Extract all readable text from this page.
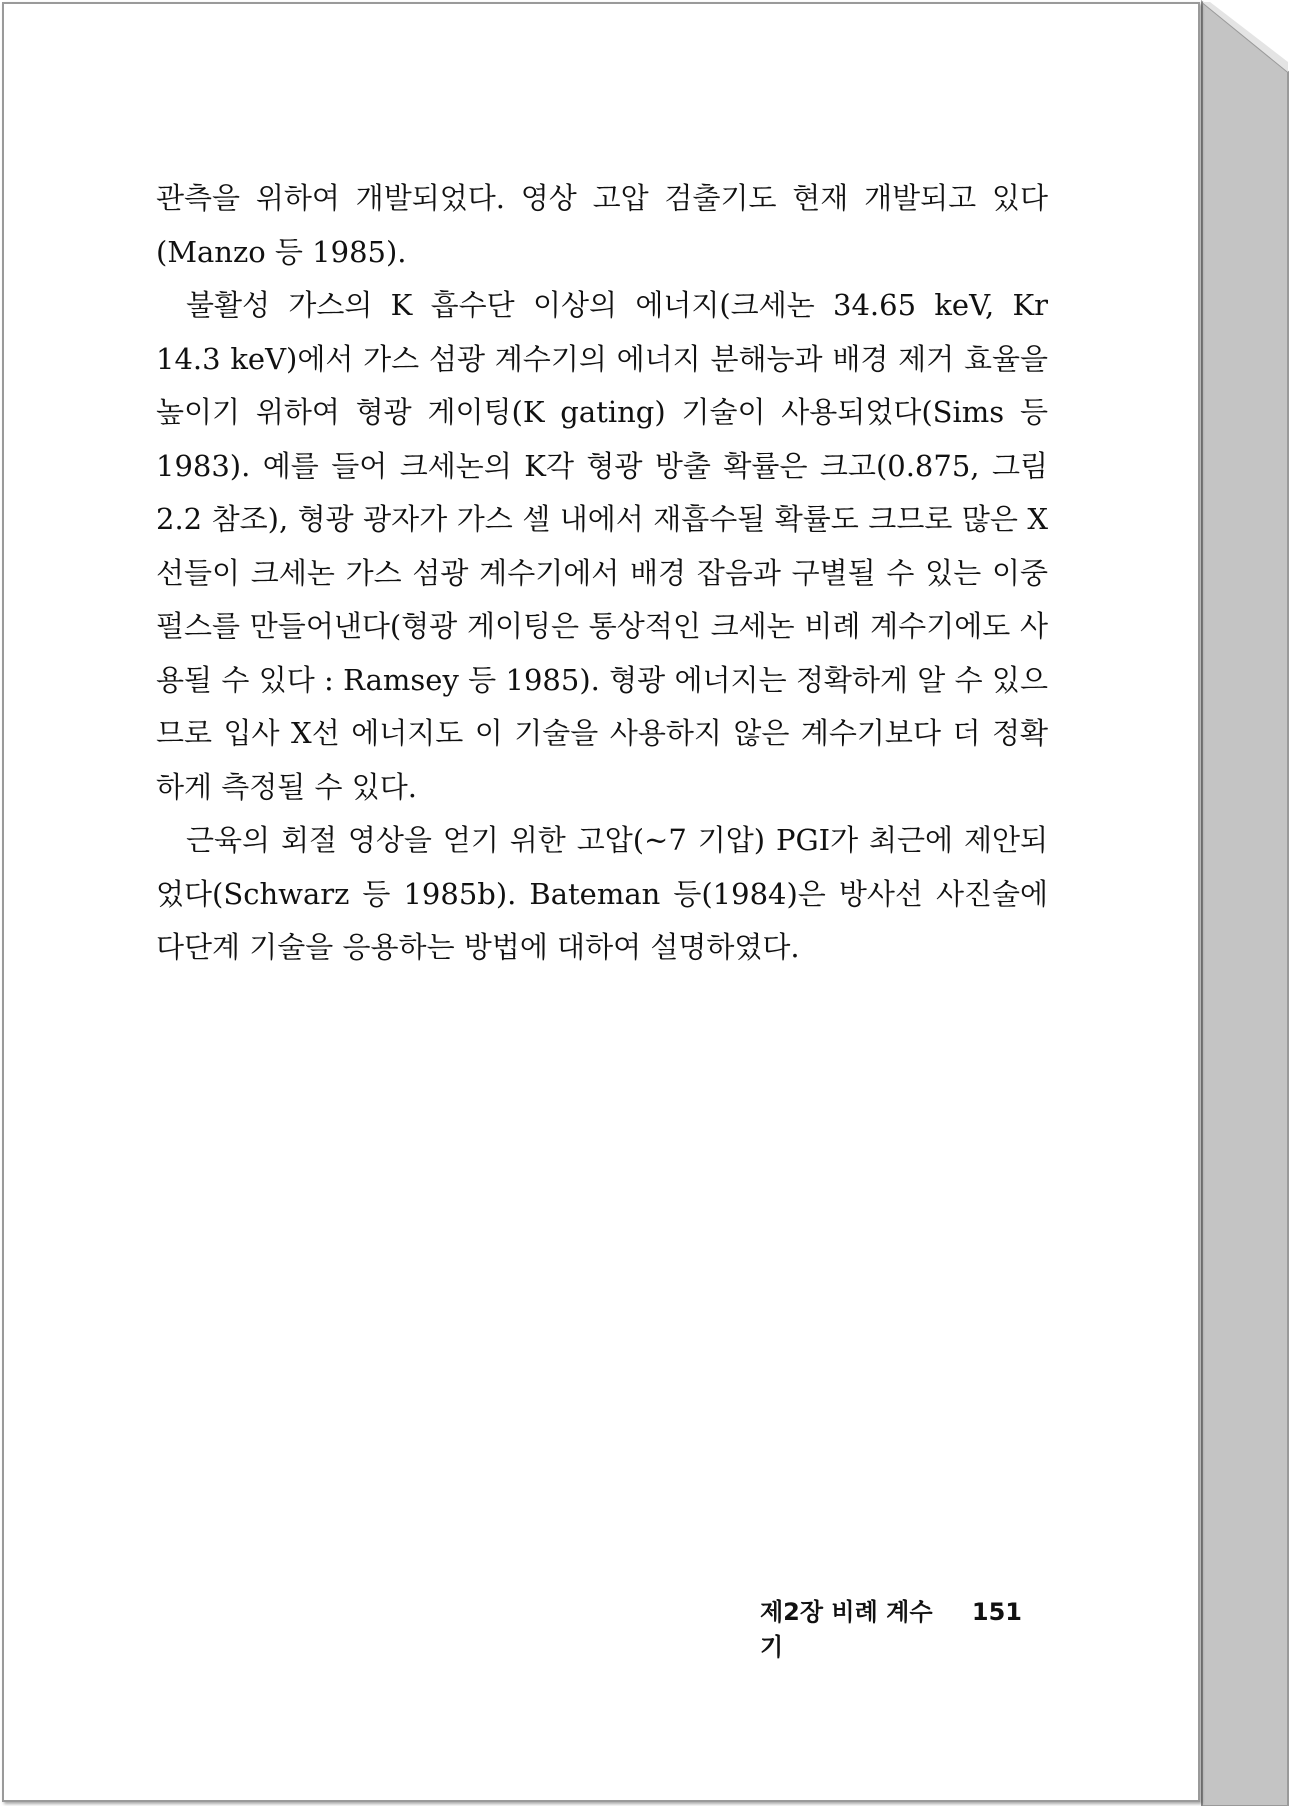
관측을 위하여 개발되었다. 영상 고압 검출기도 현재 개발되고 있다 (Manzo 등 1985).

불활성 가스의 K 흡수단 이상의 에너지(크세논 34.65 keV, Kr 14.3 keV)에서 가스 섬광 계수기의 에너지 분해능과 배경 제거 효율을 높이기 위하여 형광 게이팅(K gating) 기술이 사용되었다(Sims 등 1983). 예를 들어 크세논의 K각 형광 방출 확률은 크고(0.875, 그림 2.2 참조), 형광 광자가 가스 셀 내에서 재흡수될 확률도 크므로 많은 X선들이 크세논 가스 섬광 계수기에서 배경 잡음과 구별될 수 있는 이중 펄스를 만들어낸다(형광 게이팅은 통상적인 크세논 비례 계수기에도 사용될 수 있다 : Ramsey 등 1985). 형광 에너지는 정확하게 알 수 있으므로 입사 X선 에너지도 이 기술을 사용하지 않은 계수기보다 더 정확하게 측정될 수 있다.

근육의 회절 영상을 얻기 위한 고압(~7 기압) PGI가 최근에 제안되었다(Schwarz 등 1985b). Bateman 등(1984)은 방사선 사진술에 다단계 기술을 응용하는 방법에 대하여 설명하였다.

제2장 비례 계수기
151
